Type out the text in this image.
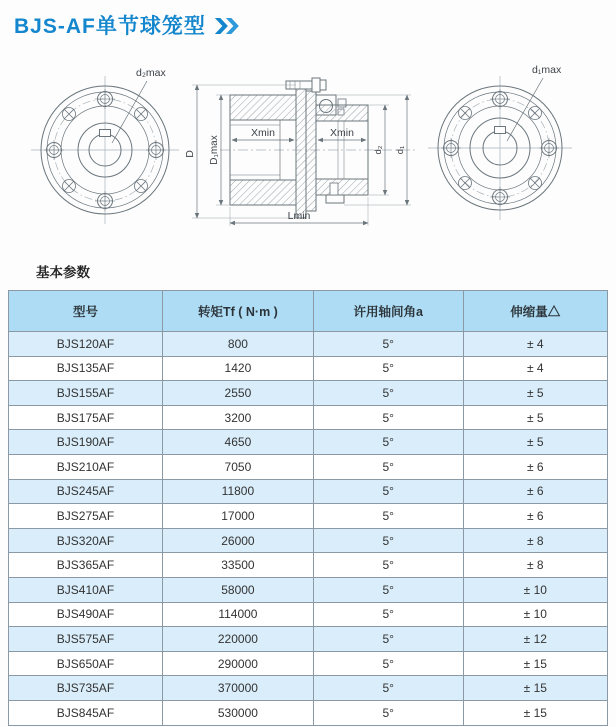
BJS-AF单节球笼型
d₂max
D D₁max
Xmin	Xmin
d₂ d₁
Lmin
d₁max
基本参数
型号	转矩Tf ( N·m )	许用轴间角a	伸缩量△
BJS120AF	800	5°	± 4
BJS135AF	1420	5°	± 4
BJS155AF	2550	5°	± 5
BJS175AF	3200	5°	± 5
BJS190AF	4650	5°	± 5
BJS210AF	7050	5°	± 6
BJS245AF	11800	5°	± 6
BJS275AF	17000	5°	± 6
BJS320AF	26000	5°	± 8
BJS365AF	33500	5°	± 8
BJS410AF	58000	5°	± 10
BJS490AF	114000	5°	± 10
BJS575AF	220000	5°	± 12
BJS650AF	290000	5°	± 15
BJS735AF	370000	5°	± 15
BJS845AF	530000	5°	± 15
